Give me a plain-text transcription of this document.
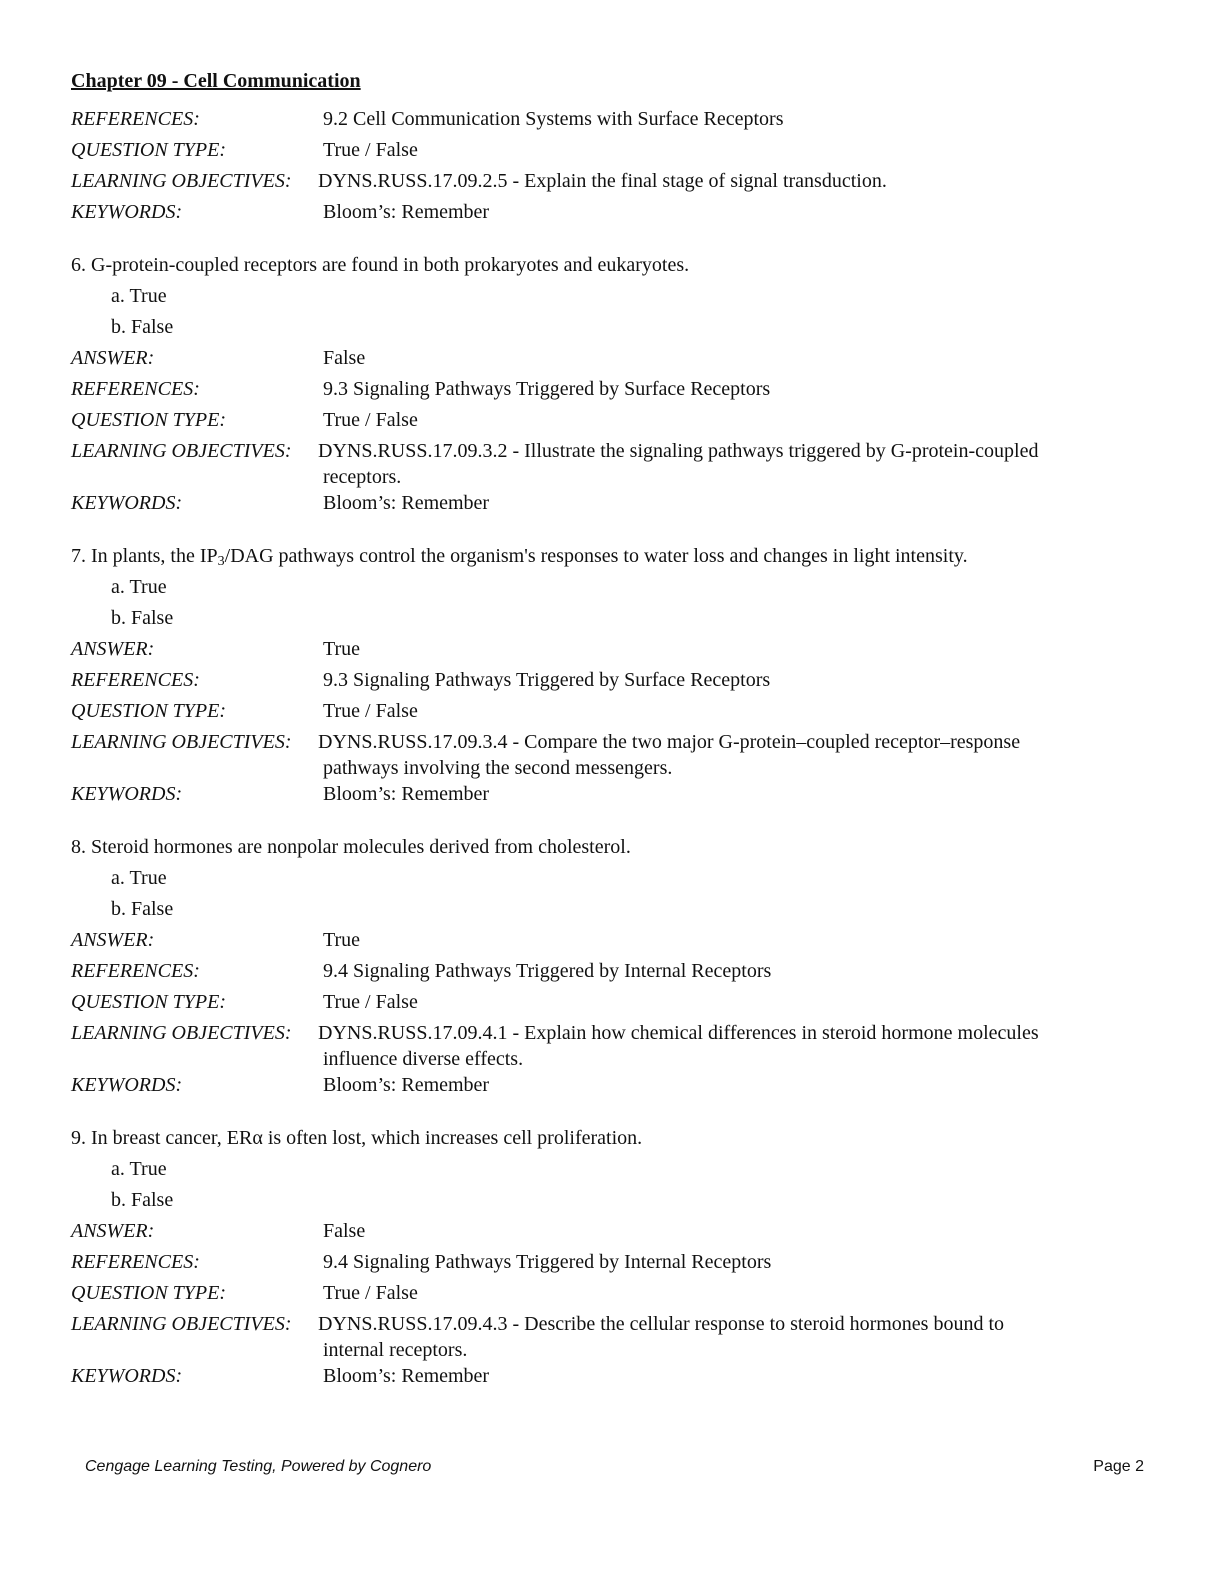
Chapter 09 - Cell Communication
REFERENCES:	9.2 Cell Communication Systems with Surface Receptors
QUESTION TYPE:	True / False
LEARNING OBJECTIVES:	DYNS.RUSS.17.09.2.5 - Explain the final stage of signal transduction.
KEYWORDS:	Bloom’s: Remember
6. G-protein-coupled receptors are found in both prokaryotes and eukaryotes.
a. True
b. False
ANSWER:	False
REFERENCES:	9.3 Signaling Pathways Triggered by Surface Receptors
QUESTION TYPE:	True / False
LEARNING OBJECTIVES:	DYNS.RUSS.17.09.3.2 - Illustrate the signaling pathways triggered by G-protein-coupled
receptors.
KEYWORDS:	Bloom’s: Remember
7. In plants, the $IP_3$/DAG pathways control the organism's responses to water loss and changes in light intensity.
a. True
b. False
ANSWER:	True
REFERENCES:	9.3 Signaling Pathways Triggered by Surface Receptors
QUESTION TYPE:	True / False
LEARNING OBJECTIVES:	DYNS.RUSS.17.09.3.4 - Compare the two major G-protein–coupled receptor–response
pathways involving the second messengers.
KEYWORDS:	Bloom’s: Remember
8. Steroid hormones are nonpolar molecules derived from cholesterol.
a. True
b. False
ANSWER:	True
REFERENCES:	9.4 Signaling Pathways Triggered by Internal Receptors
QUESTION TYPE:	True / False
LEARNING OBJECTIVES:	DYNS.RUSS.17.09.4.1 - Explain how chemical differences in steroid hormone molecules
influence diverse effects.
KEYWORDS:	Bloom’s: Remember
9. In breast cancer, ERα is often lost, which increases cell proliferation.
a. True
b. False
ANSWER:	False
REFERENCES:	9.4 Signaling Pathways Triggered by Internal Receptors
QUESTION TYPE:	True / False
LEARNING OBJECTIVES:	DYNS.RUSS.17.09.4.3 - Describe the cellular response to steroid hormones bound to
internal receptors.
KEYWORDS:	Bloom’s: Remember
Cengage Learning Testing, Powered by Cognero	Page 2
